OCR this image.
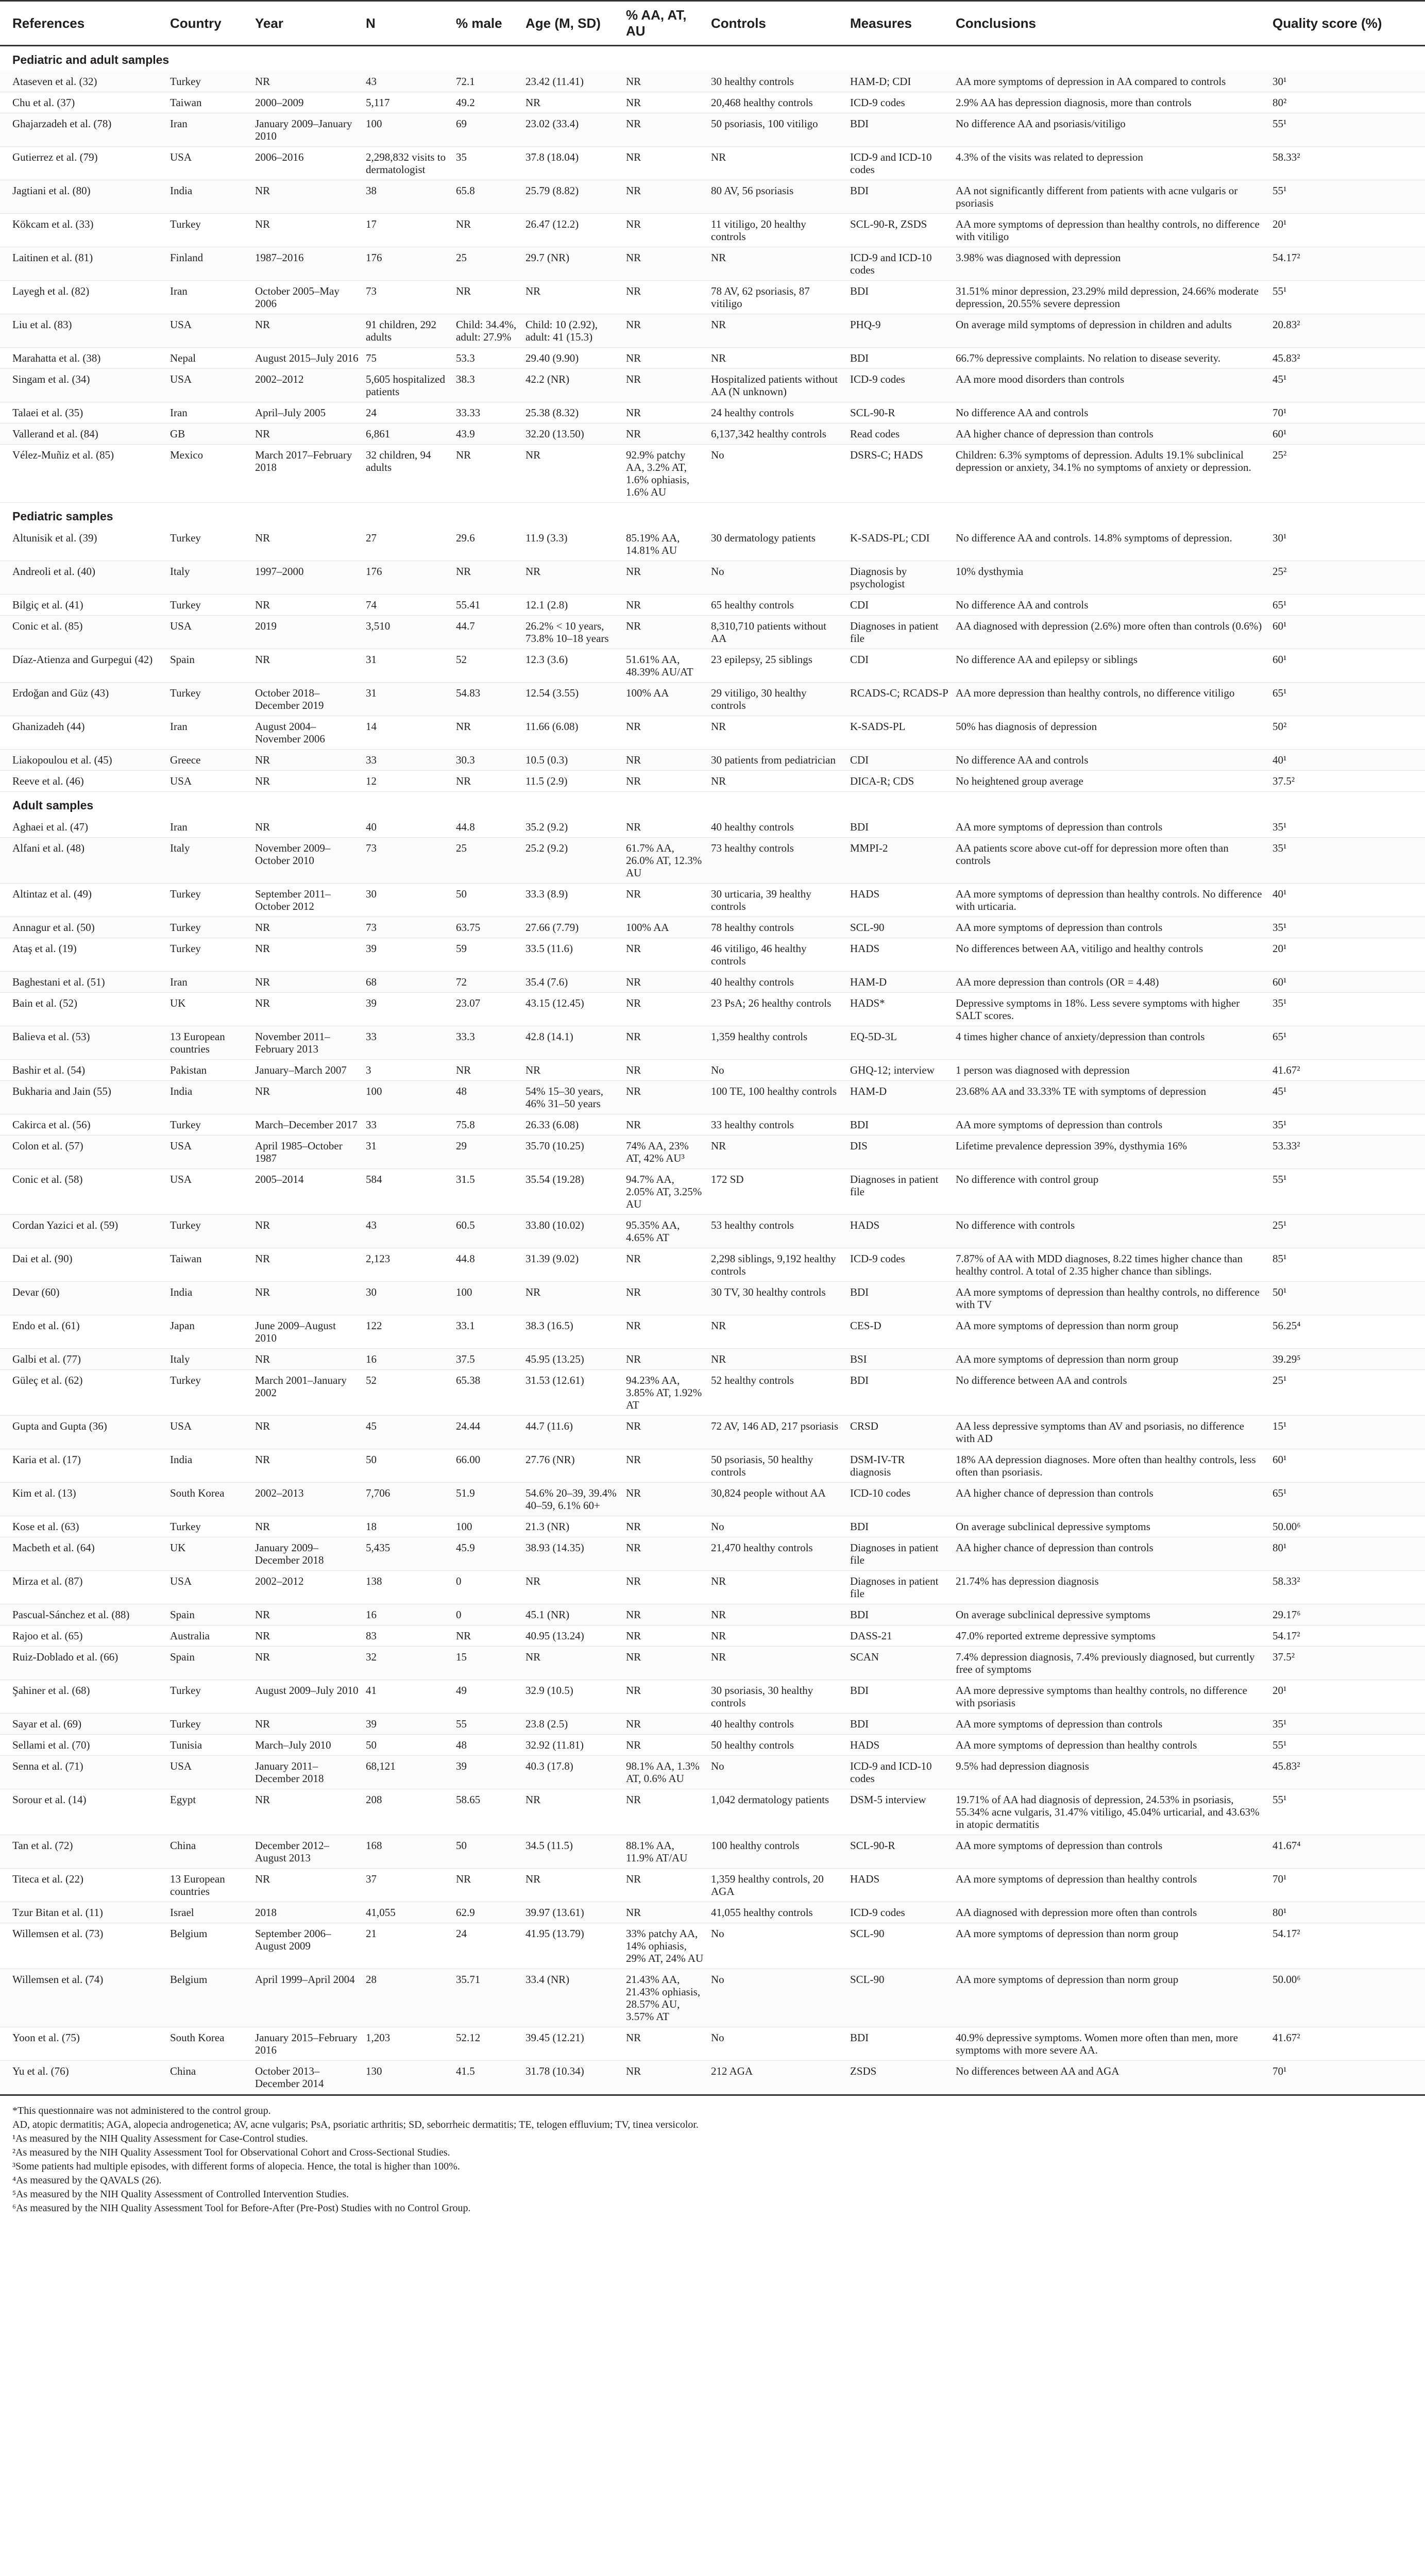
References	Country	Year	N	% male	Age (M, SD)	% AA, AT, AU	Controls	Measures	Conclusions	Quality score (%)
Pediatric and adult samples										
Ataseven et al. (32)	Turkey	NR	43	72.1	23.42 (11.41)	NR	30 healthy controls	HAM-D; CDI	AA more symptoms of depression in AA compared to controls	30¹
Chu et al. (37)	Taiwan	2000–2009	5,117	49.2	NR	NR	20,468 healthy controls	ICD-9 codes	2.9% AA has depression diagnosis, more than controls	80²
Ghajarzadeh et al. (78)	Iran	January 2009–January 2010	100	69	23.02 (33.4)	NR	50 psoriasis, 100 vitiligo	BDI	No difference AA and psoriasis/vitiligo	55¹
Gutierrez et al. (79)	USA	2006–2016	2,298,832 visits to dermatologist	35	37.8 (18.04)	NR	NR	ICD-9 and ICD-10 codes	4.3% of the visits was related to depression	58.33²
Jagtiani et al. (80)	India	NR	38	65.8	25.79 (8.82)	NR	80 AV, 56 psoriasis	BDI	AA not significantly different from patients with acne vulgaris or psoriasis	55¹
Kökcam et al. (33)	Turkey	NR	17	NR	26.47 (12.2)	NR	11 vitiligo, 20 healthy controls	SCL-90-R, ZSDS	AA more symptoms of depression than healthy controls, no difference with vitiligo	20¹
Laitinen et al. (81)	Finland	1987–2016	176	25	29.7 (NR)	NR	NR	ICD-9 and ICD-10 codes	3.98% was diagnosed with depression	54.17²
Layegh et al. (82)	Iran	October 2005–May 2006	73	NR	NR	NR	78 AV, 62 psoriasis, 87 vitiligo	BDI	31.51% minor depression, 23.29% mild depression, 24.66% moderate depression, 20.55% severe depression	55¹
Liu et al. (83)	USA	NR	91 children, 292 adults	Child: 34.4%, adult: 27.9%	Child: 10 (2.92), adult: 41 (15.3)	NR	NR	PHQ-9	On average mild symptoms of depression in children and adults	20.83²
Marahatta et al. (38)	Nepal	August 2015–July 2016	75	53.3	29.40 (9.90)	NR	NR	BDI	66.7% depressive complaints. No relation to disease severity.	45.83²
Singam et al. (34)	USA	2002–2012	5,605 hospitalized patients	38.3	42.2 (NR)	NR	Hospitalized patients without AA (N unknown)	ICD-9 codes	AA more mood disorders than controls	45¹
Talaei et al. (35)	Iran	April–July 2005	24	33.33	25.38 (8.32)	NR	24 healthy controls	SCL-90-R	No difference AA and controls	70¹
Vallerand et al. (84)	GB	NR	6,861	43.9	32.20 (13.50)	NR	6,137,342 healthy controls	Read codes	AA higher chance of depression than controls	60¹
Vélez-Muñiz et al. (85)	Mexico	March 2017–February 2018	32 children, 94 adults	NR	NR	92.9% patchy AA, 3.2% AT, 1.6% ophiasis, 1.6% AU	No	DSRS-C; HADS	Children: 6.3% symptoms of depression. Adults 19.1% subclinical depression or anxiety, 34.1% no symptoms of anxiety or depression.	25²
Pediatric samples										
Altunisik et al. (39)	Turkey	NR	27	29.6	11.9 (3.3)	85.19% AA, 14.81% AU	30 dermatology patients	K-SADS-PL; CDI	No difference AA and controls. 14.8% symptoms of depression.	30¹
Andreoli et al. (40)	Italy	1997–2000	176	NR	NR	NR	No	Diagnosis by psychologist	10% dysthymia	25²
Bilgiç et al. (41)	Turkey	NR	74	55.41	12.1 (2.8)	NR	65 healthy controls	CDI	No difference AA and controls	65¹
Conic et al. (85)	USA	2019	3,510	44.7	26.2% < 10 years, 73.8% 10–18 years	NR	8,310,710 patients without AA	Diagnoses in patient file	AA diagnosed with depression (2.6%) more often than controls (0.6%)	60¹
Díaz-Atienza and Gurpegui (42)	Spain	NR	31	52	12.3 (3.6)	51.61% AA, 48.39% AU/AT	23 epilepsy, 25 siblings	CDI	No difference AA and epilepsy or siblings	60¹
Erdoğan and Güz (43)	Turkey	October 2018–December 2019	31	54.83	12.54 (3.55)	100% AA	29 vitiligo, 30 healthy controls	RCADS-C; RCADS-P	AA more depression than healthy controls, no difference vitiligo	65¹
Ghanizadeh (44)	Iran	August 2004–November 2006	14	NR	11.66 (6.08)	NR	NR	K-SADS-PL	50% has diagnosis of depression	50²
Liakopoulou et al. (45)	Greece	NR	33	30.3	10.5 (0.3)	NR	30 patients from pediatrician	CDI	No difference AA and controls	40¹
Reeve et al. (46)	USA	NR	12	NR	11.5 (2.9)	NR	NR	DICA-R; CDS	No heightened group average	37.5²
Adult samples										
Aghaei et al. (47)	Iran	NR	40	44.8	35.2 (9.2)	NR	40 healthy controls	BDI	AA more symptoms of depression than controls	35¹
Alfani et al. (48)	Italy	November 2009–October 2010	73	25	25.2 (9.2)	61.7% AA, 26.0% AT, 12.3% AU	73 healthy controls	MMPI-2	AA patients score above cut-off for depression more often than controls	35¹
Altintaz et al. (49)	Turkey	September 2011–October 2012	30	50	33.3 (8.9)	NR	30 urticaria, 39 healthy controls	HADS	AA more symptoms of depression than healthy controls. No difference with urticaria.	40¹
Annagur et al. (50)	Turkey	NR	73	63.75	27.66 (7.79)	100% AA	78 healthy controls	SCL-90	AA more symptoms of depression than controls	35¹
Ataş et al. (19)	Turkey	NR	39	59	33.5 (11.6)	NR	46 vitiligo, 46 healthy controls	HADS	No differences between AA, vitiligo and healthy controls	20¹
Baghestani et al. (51)	Iran	NR	68	72	35.4 (7.6)	NR	40 healthy controls	HAM-D	AA more depression than controls (OR = 4.48)	60¹
Bain et al. (52)	UK	NR	39	23.07	43.15 (12.45)	NR	23 PsA; 26 healthy controls	HADS*	Depressive symptoms in 18%. Less severe symptoms with higher SALT scores.	35¹
Balieva et al. (53)	13 European countries	November 2011–February 2013	33	33.3	42.8 (14.1)	NR	1,359 healthy controls	EQ-5D-3L	4 times higher chance of anxiety/depression than controls	65¹
Bashir et al. (54)	Pakistan	January–March 2007	3	NR	NR	NR	No	GHQ-12; interview	1 person was diagnosed with depression	41.67²
Bukharia and Jain (55)	India	NR	100	48	54% 15–30 years, 46% 31–50 years	NR	100 TE, 100 healthy controls	HAM-D	23.68% AA and 33.33% TE with symptoms of depression	45¹
Cakirca et al. (56)	Turkey	March–December 2017	33	75.8	26.33 (6.08)	NR	33 healthy controls	BDI	AA more symptoms of depression than controls	35¹
Colon et al. (57)	USA	April 1985–October 1987	31	29	35.70 (10.25)	74% AA, 23% AT, 42% AU³	NR	DIS	Lifetime prevalence depression 39%, dysthymia 16%	53.33²
Conic et al. (58)	USA	2005–2014	584	31.5	35.54 (19.28)	94.7% AA, 2.05% AT, 3.25% AU	172 SD	Diagnoses in patient file	No difference with control group	55¹
Cordan Yazici et al. (59)	Turkey	NR	43	60.5	33.80 (10.02)	95.35% AA, 4.65% AT	53 healthy controls	HADS	No difference with controls	25¹
Dai et al. (90)	Taiwan	NR	2,123	44.8	31.39 (9.02)	NR	2,298 siblings, 9,192 healthy controls	ICD-9 codes	7.87% of AA with MDD diagnoses, 8.22 times higher chance than healthy control. A total of 2.35 higher chance than siblings.	85¹
Devar (60)	India	NR	30	100	NR	NR	30 TV, 30 healthy controls	BDI	AA more symptoms of depression than healthy controls, no difference with TV	50¹
Endo et al. (61)	Japan	June 2009–August 2010	122	33.1	38.3 (16.5)	NR	NR	CES-D	AA more symptoms of depression than norm group	56.25⁴
Galbi et al. (77)	Italy	NR	16	37.5	45.95 (13.25)	NR	NR	BSI	AA more symptoms of depression than norm group	39.29⁵
Güleç et al. (62)	Turkey	March 2001–January 2002	52	65.38	31.53 (12.61)	94.23% AA, 3.85% AT, 1.92% AT	52 healthy controls	BDI	No difference between AA and controls	25¹
Gupta and Gupta (36)	USA	NR	45	24.44	44.7 (11.6)	NR	72 AV, 146 AD, 217 psoriasis	CRSD	AA less depressive symptoms than AV and psoriasis, no difference with AD	15¹
Karia et al. (17)	India	NR	50	66.00	27.76 (NR)	NR	50 psoriasis, 50 healthy controls	DSM-IV-TR diagnosis	18% AA depression diagnoses. More often than healthy controls, less often than psoriasis.	60¹
Kim et al. (13)	South Korea	2002–2013	7,706	51.9	54.6% 20–39, 39.4% 40–59, 6.1% 60+	NR	30,824 people without AA	ICD-10 codes	AA higher chance of depression than controls	65¹
Kose et al. (63)	Turkey	NR	18	100	21.3 (NR)	NR	No	BDI	On average subclinical depressive symptoms	50.00⁶
Macbeth et al. (64)	UK	January 2009–December 2018	5,435	45.9	38.93 (14.35)	NR	21,470 healthy controls	Diagnoses in patient file	AA higher chance of depression than controls	80¹
Mirza et al. (87)	USA	2002–2012	138	0	NR	NR	NR	Diagnoses in patient file	21.74% has depression diagnosis	58.33²
Pascual-Sánchez et al. (88)	Spain	NR	16	0	45.1 (NR)	NR	NR	BDI	On average subclinical depressive symptoms	29.17⁶
Rajoo et al. (65)	Australia	NR	83	NR	40.95 (13.24)	NR	NR	DASS-21	47.0% reported extreme depressive symptoms	54.17²
Ruiz-Doblado et al. (66)	Spain	NR	32	15	NR	NR	NR	SCAN	7.4% depression diagnosis, 7.4% previously diagnosed, but currently free of symptoms	37.5²
Şahiner et al. (68)	Turkey	August 2009–July 2010	41	49	32.9 (10.5)	NR	30 psoriasis, 30 healthy controls	BDI	AA more depressive symptoms than healthy controls, no difference with psoriasis	20¹
Sayar et al. (69)	Turkey	NR	39	55	23.8 (2.5)	NR	40 healthy controls	BDI	AA more symptoms of depression than controls	35¹
Sellami et al. (70)	Tunisia	March–July 2010	50	48	32.92 (11.81)	NR	50 healthy controls	HADS	AA more symptoms of depression than healthy controls	55¹
Senna et al. (71)	USA	January 2011–December 2018	68,121	39	40.3 (17.8)	98.1% AA, 1.3% AT, 0.6% AU	No	ICD-9 and ICD-10 codes	9.5% had depression diagnosis	45.83²
Sorour et al. (14)	Egypt	NR	208	58.65	NR	NR	1,042 dermatology patients	DSM-5 interview	19.71% of AA had diagnosis of depression, 24.53% in psoriasis, 55.34% acne vulgaris, 31.47% vitiligo, 45.04% urticarial, and 43.63% in atopic dermatitis	55¹
Tan et al. (72)	China	December 2012–August 2013	168	50	34.5 (11.5)	88.1% AA, 11.9% AT/AU	100 healthy controls	SCL-90-R	AA more symptoms of depression than controls	41.67⁴
Titeca et al. (22)	13 European countries	NR	37	NR	NR	NR	1,359 healthy controls, 20 AGA	HADS	AA more symptoms of depression than healthy controls	70¹
Tzur Bitan et al. (11)	Israel	2018	41,055	62.9	39.97 (13.61)	NR	41,055 healthy controls	ICD-9 codes	AA diagnosed with depression more often than controls	80¹
Willemsen et al. (73)	Belgium	September 2006–August 2009	21	24	41.95 (13.79)	33% patchy AA, 14% ophiasis, 29% AT, 24% AU	No	SCL-90	AA more symptoms of depression than norm group	54.17²
Willemsen et al. (74)	Belgium	April 1999–April 2004	28	35.71	33.4 (NR)	21.43% AA, 21.43% ophiasis, 28.57% AU, 3.57% AT	No	SCL-90	AA more symptoms of depression than norm group	50.00⁶
Yoon et al. (75)	South Korea	January 2015–February 2016	1,203	52.12	39.45 (12.21)	NR	No	BDI	40.9% depressive symptoms. Women more often than men, more symptoms with more severe AA.	41.67²
Yu et al. (76)	China	October 2013–December 2014	130	41.5	31.78 (10.34)	NR	212 AGA	ZSDS	No differences between AA and AGA	70¹

*This questionnaire was not administered to the control group.

AD, atopic dermatitis; AGA, alopecia androgenetica; AV, acne vulgaris; PsA, psoriatic arthritis; SD, seborrheic dermatitis; TE, telogen effluvium; TV, tinea versicolor.

¹As measured by the NIH Quality Assessment for Case-Control studies.

²As measured by the NIH Quality Assessment Tool for Observational Cohort and Cross-Sectional Studies.

³Some patients had multiple episodes, with different forms of alopecia. Hence, the total is higher than 100%.

⁴As measured by the QAVALS (26).

⁵As measured by the NIH Quality Assessment of Controlled Intervention Studies.

⁶As measured by the NIH Quality Assessment Tool for Before-After (Pre-Post) Studies with no Control Group.
